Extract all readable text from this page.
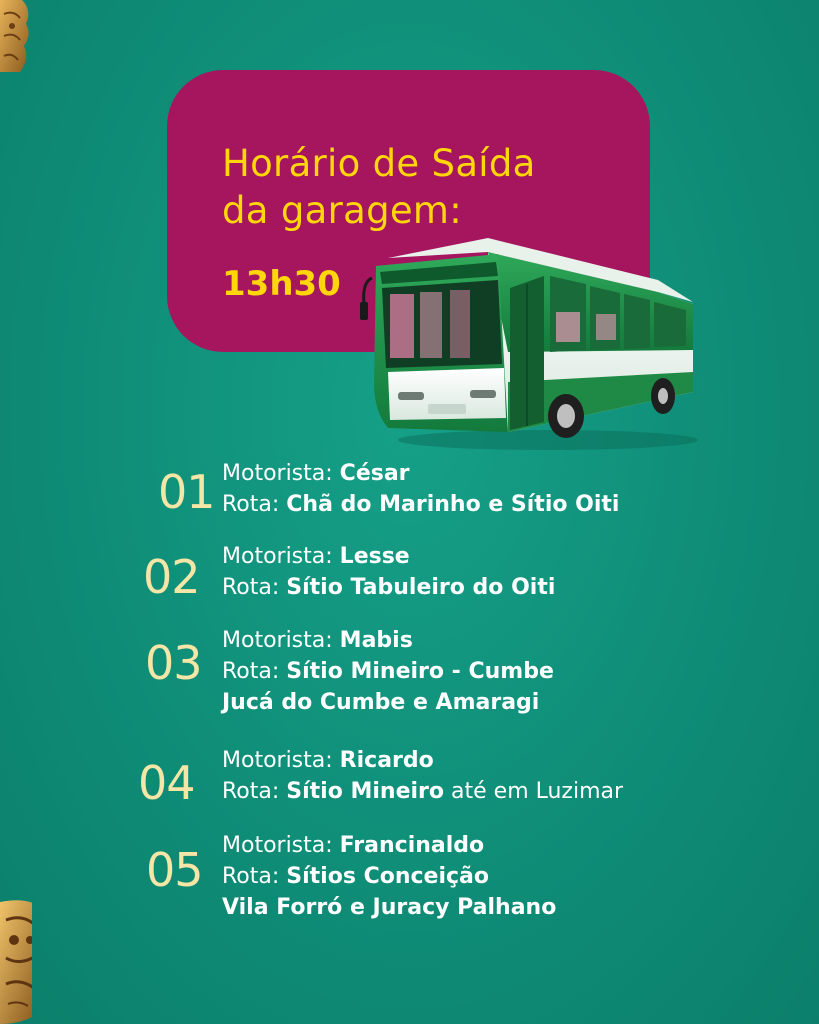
Horário de Saída
da garagem:
13h30
01 Motorista: César
Rota: Chã do Marinho e Sítio Oiti
02 Motorista: Lesse
Rota: Sítio Tabuleiro do Oiti
03 Motorista: Mabis
Rota: Sítio Mineiro - Cumbe
Jucá do Cumbe e Amaragi
04 Motorista: Ricardo
Rota: Sítio Mineiro até em Luzimar
05 Motorista: Francinaldo
Rota: Sítios Conceição
Vila Forró e Juracy Palhano
